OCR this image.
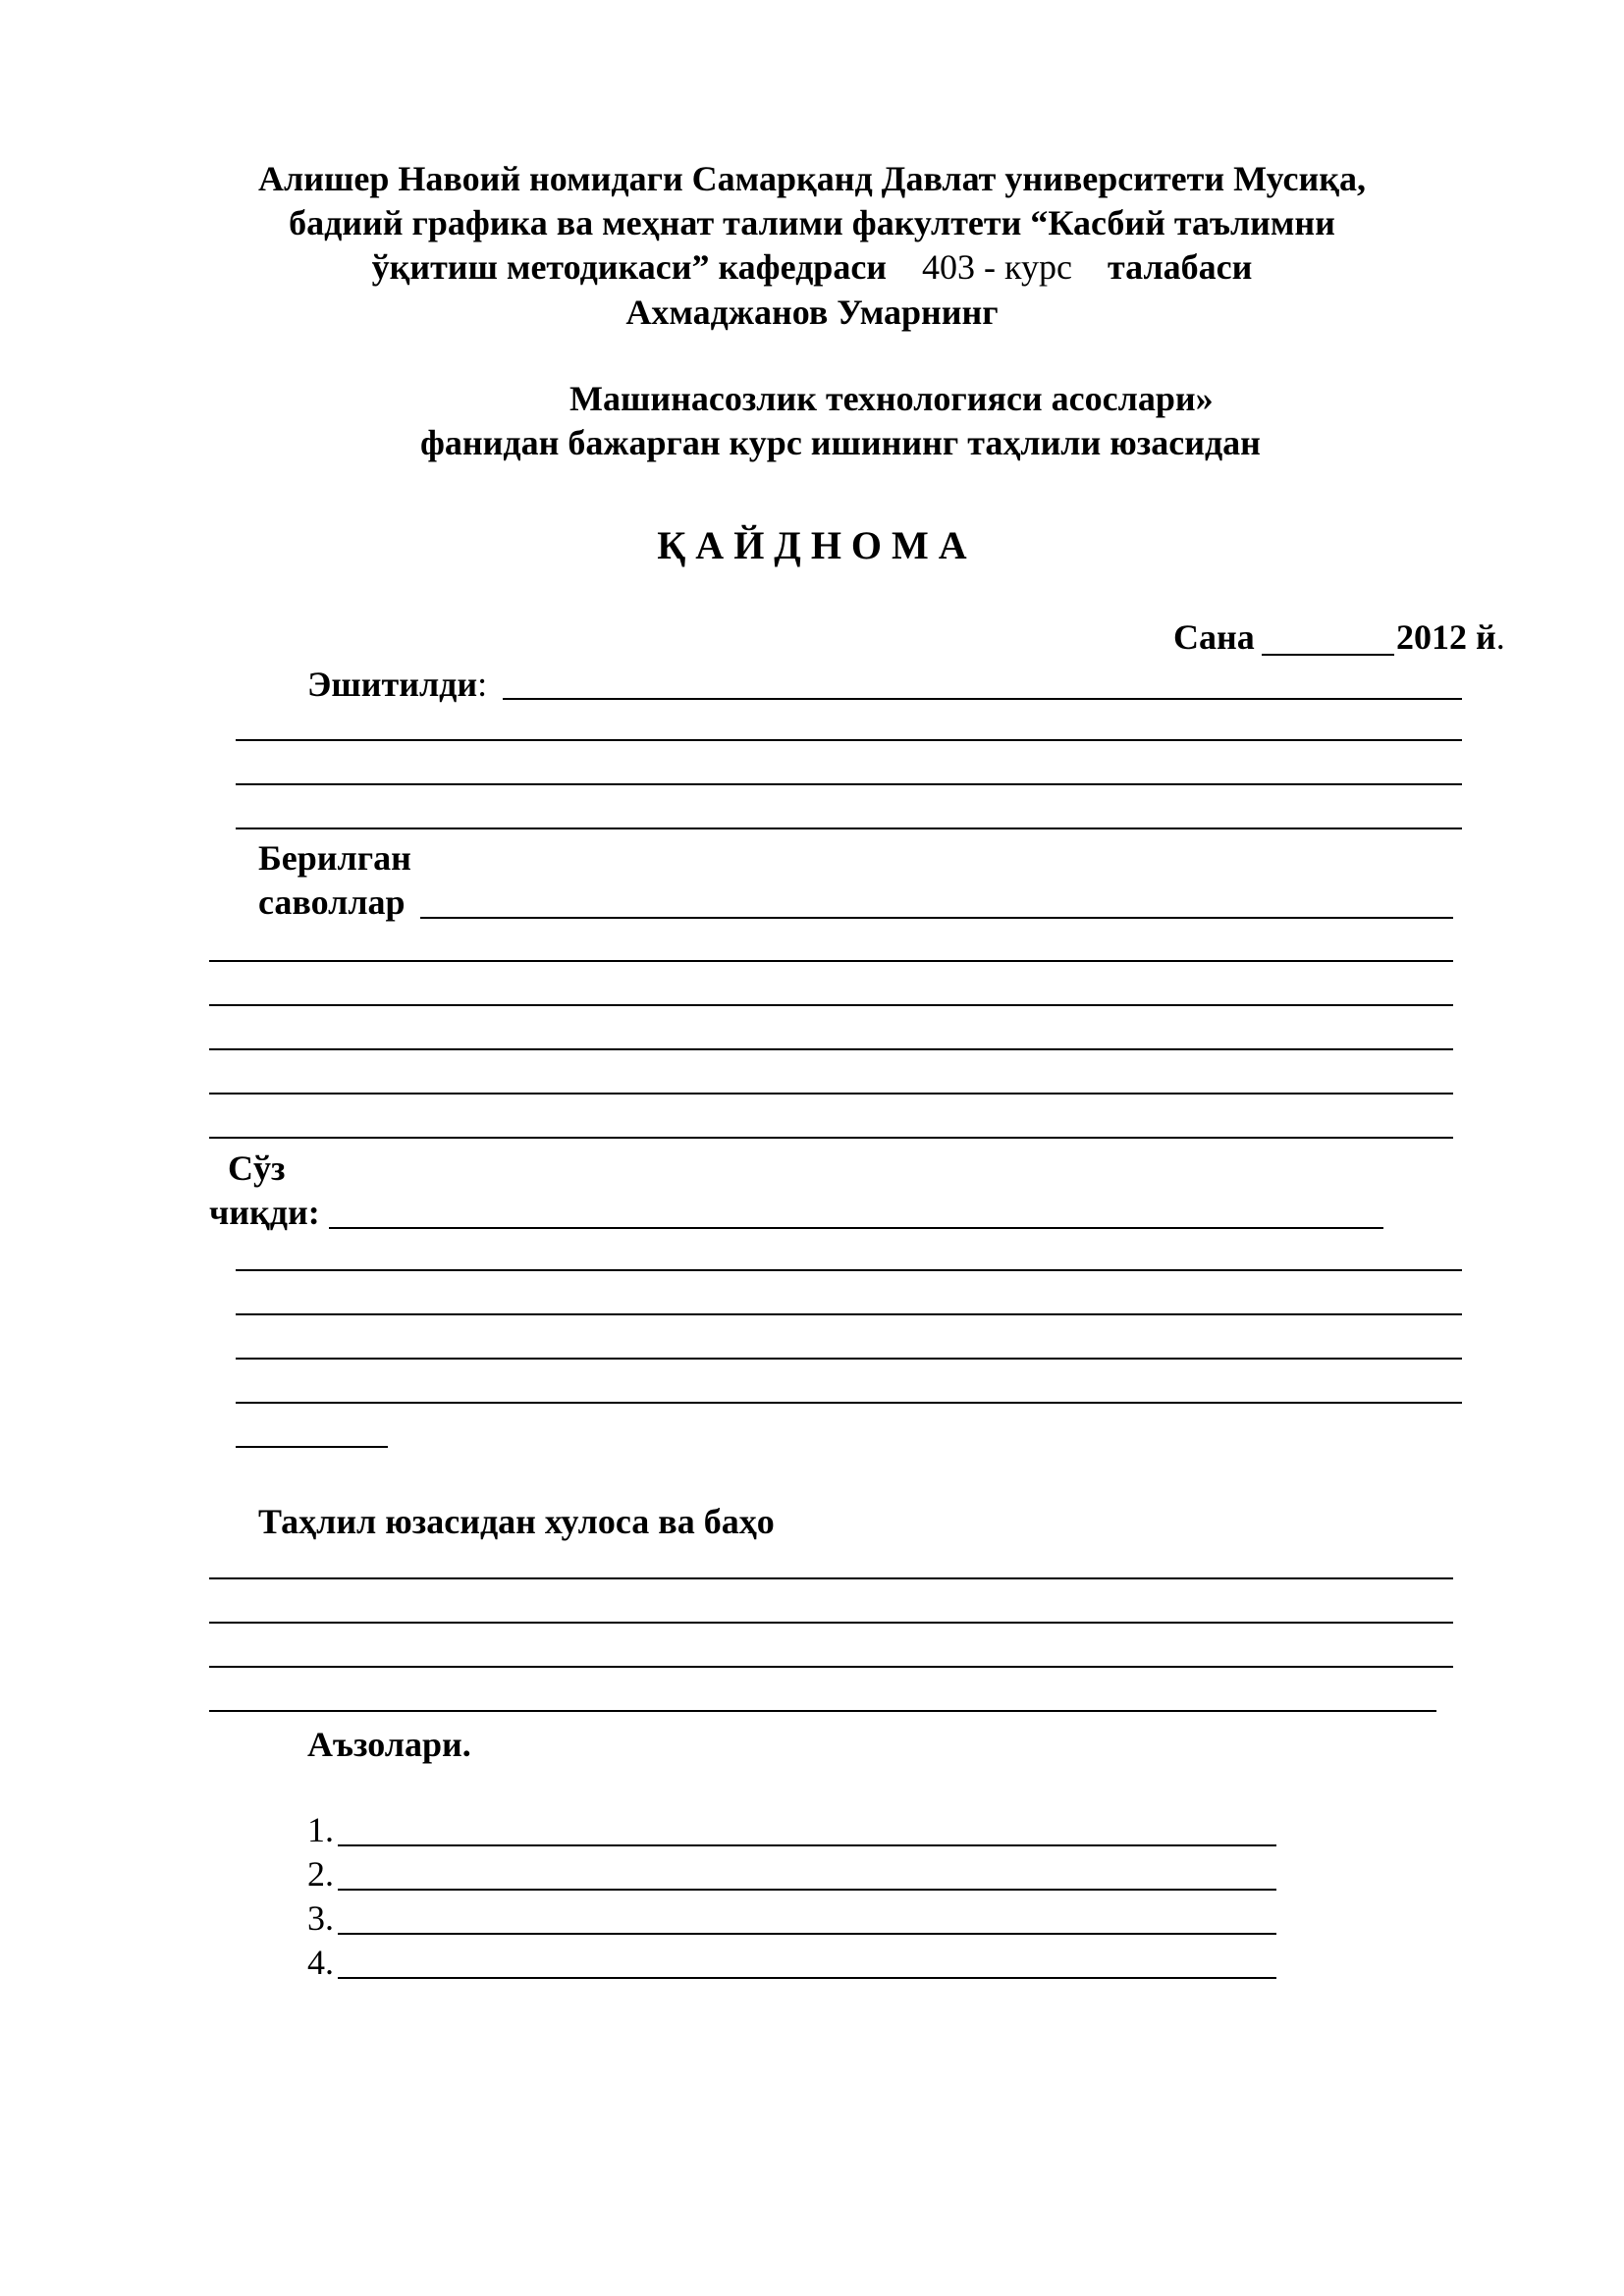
Алишер Навоий номидаги Самарқанд Давлат университети Мусиқа,
бадиий графика ва меҳнат талими факултети “Касбий таълимни
ўқитиш методикаси” кафедраси 403 - курс талабаси
Ахмаджанов Умарнинг
Машинасозлик технологияси асослари»
фанидан бажарган курс ишининг таҳлили юзасидан
Қ А Й Д Н О М А
Сана	2012 й.
Эшитилди:
Берилган
саволлар
Сўз
чиқди:
Таҳлил юзасидан хулоса ва баҳо
Аъзолари.
1.
2.
3.
4.
